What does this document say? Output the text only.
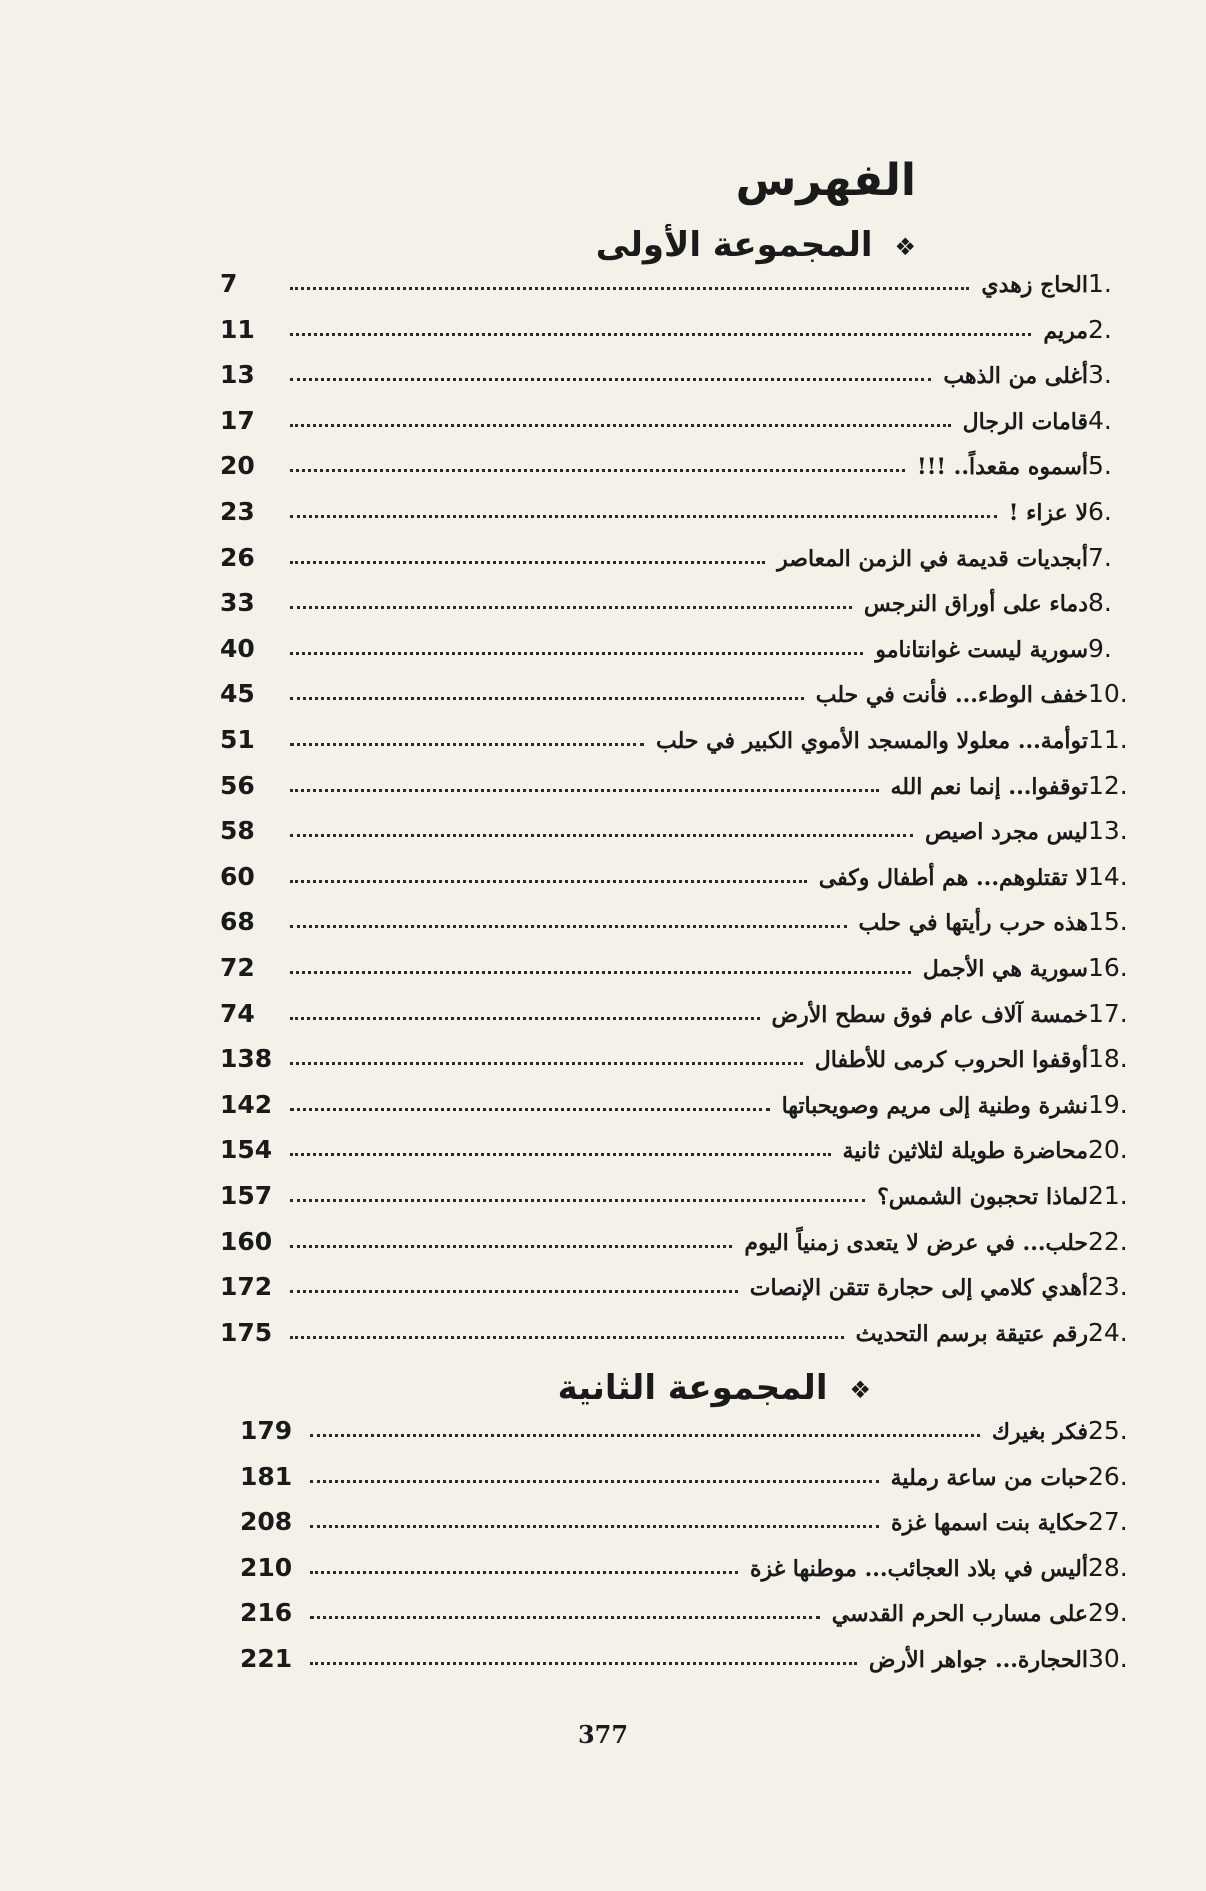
الفهرس
❖المجموعة الأولى
❖المجموعة الثانية
1.
الحاج زهدي
7
2.
مريم
11
3.
أغلى من الذهب
13
4.
قامات الرجال
17
5.
أسموه مقعداً.. !!!
20
6.
لا عزاء !
23
7.
أبجديات قديمة في الزمن المعاصر
26
8.
دماء على أوراق النرجس
33
9.
سورية ليست غوانتانامو
40
10.
خفف الوطء... فأنت في حلب
45
11.
توأمة... معلولا والمسجد الأموي الكبير في حلب
51
12.
توقفوا... إنما نعم الله
56
13.
ليس مجرد اصيص
58
14.
لا تقتلوهم... هم أطفال وكفى
60
15.
هذه حرب رأيتها في حلب
68
16.
سورية هي الأجمل
72
17.
خمسة آلاف عام فوق سطح الأرض
74
18.
أوقفوا الحروب كرمى للأطفال
138
19.
نشرة وطنية إلى مريم وصويحباتها
142
20.
محاضرة طويلة لثلاثين ثانية
154
21.
لماذا تحجبون الشمس؟
157
22.
حلب... في عرض لا يتعدى زمنياً اليوم
160
23.
أهدي كلامي إلى حجارة تتقن الإنصات
172
24.
رقم عتيقة برسم التحديث
175
25.
فكر بغيرك
179
26.
حبات من ساعة رملية
181
27.
حكاية بنت اسمها غزة
208
28.
أليس في بلاد العجائب... موطنها غزة
210
29.
على مسارب الحرم القدسي
216
30.
الحجارة... جواهر الأرض
221
377
